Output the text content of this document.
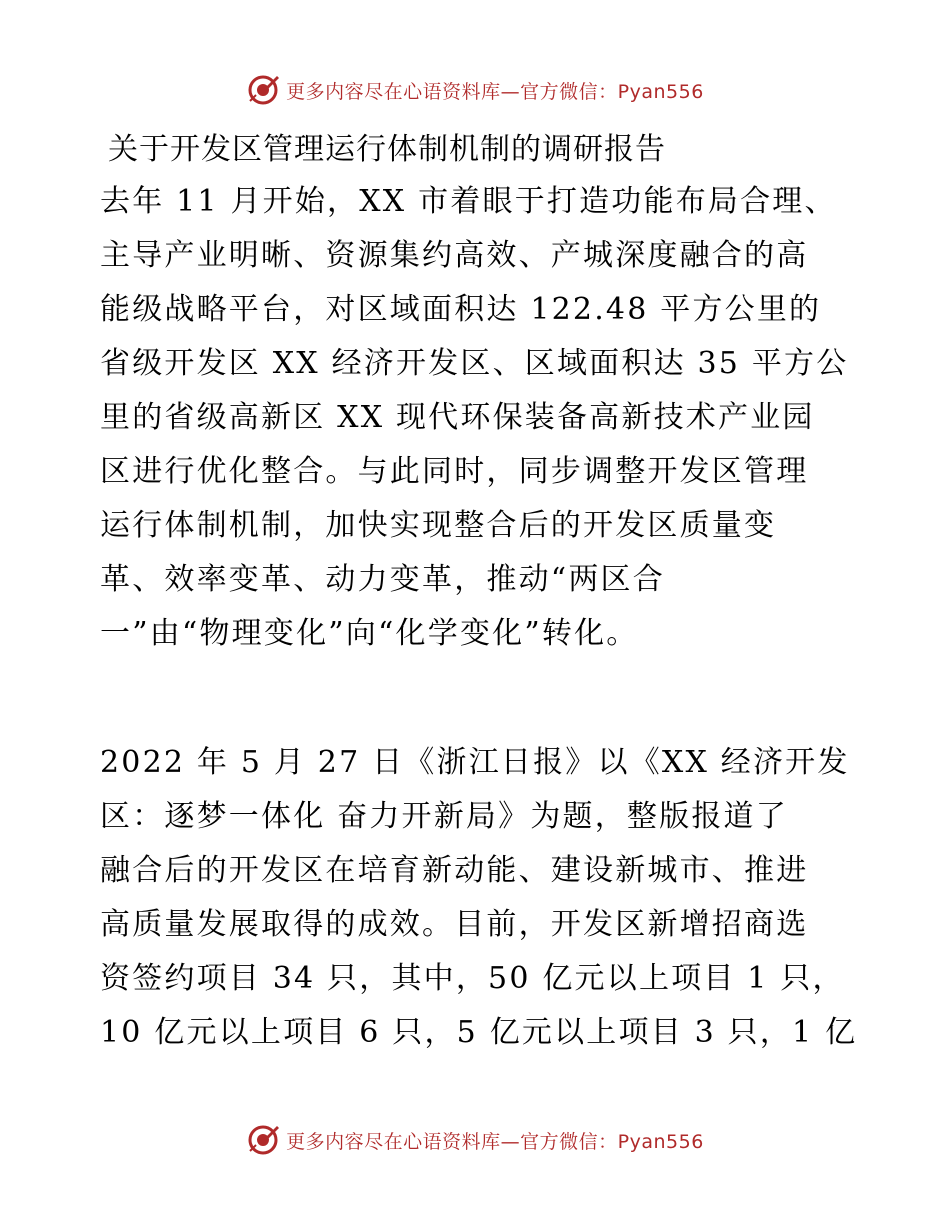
更多内容尽在心语资料库—官方微信：Pyan556
关于开发区管理运行体制机制的调研报告
去年 11 月开始，XX 市着眼于打造功能布局合理、
主导产业明晰、资源集约高效、产城深度融合的高
能级战略平台，对区域面积达 122.48 平方公里的
省级开发区 XX 经济开发区、区域面积达 35 平方公
里的省级高新区 XX 现代环保装备高新技术产业园
区进行优化整合。与此同时，同步调整开发区管理
运行体制机制，加快实现整合后的开发区质量变
革、效率变革、动力变革，推动“两区合
一”由“物理变化”向“化学变化”转化。
2022 年 5 月 27 日《浙江日报》以《XX 经济开发
区：逐梦一体化 奋力开新局》为题，整版报道了
融合后的开发区在培育新动能、建设新城市、推进
高质量发展取得的成效。目前，开发区新增招商选
资签约项目 34 只，其中，50 亿元以上项目 1 只，
10 亿元以上项目 6 只，5 亿元以上项目 3 只，1 亿
更多内容尽在心语资料库—官方微信：Pyan556
